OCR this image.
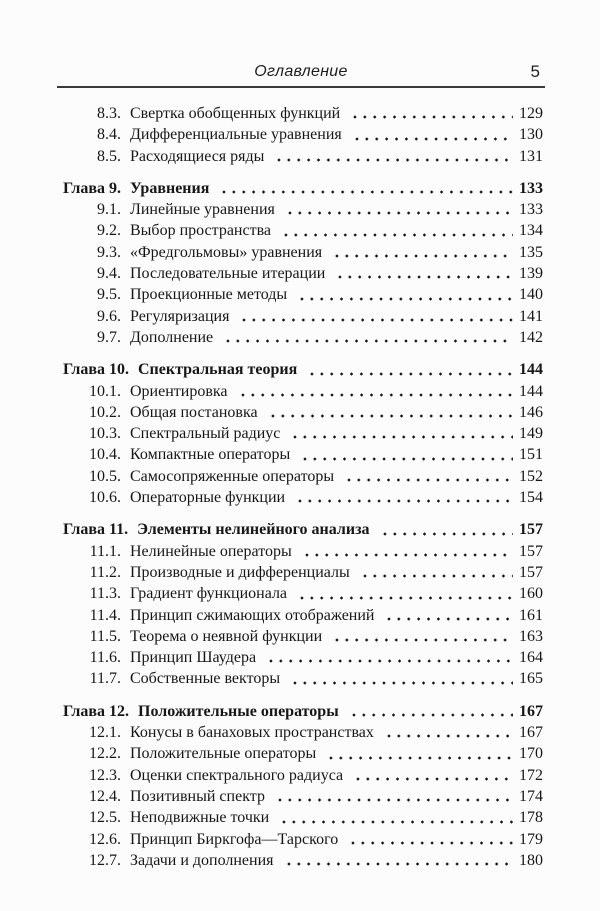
Оглавление	5
8.3. Свертка обобщенных функций	129
8.4. Дифференциальные уравнения	130
8.5. Расходящиеся ряды	131
Глава 9. Уравнения	133
9.1. Линейные уравнения	133
9.2. Выбор пространства	134
9.3. «Фредгольмовы» уравнения	135
9.4. Последовательные итерации	139
9.5. Проекционные методы	140
9.6. Регуляризация	141
9.7. Дополнение	142
Глава 10. Спектральная теория	144
10.1. Ориентировка	144
10.2. Общая постановка	146
10.3. Спектральный радиус	149
10.4. Компактные операторы	151
10.5. Самосопряженные операторы	152
10.6. Операторные функции	154
Глава 11. Элементы нелинейного анализа	157
11.1. Нелинейные операторы	157
11.2. Производные и дифференциалы	157
11.3. Градиент функционала	160
11.4. Принцип сжимающих отображений	161
11.5. Теорема о неявной функции	163
11.6. Принцип Шаудера	164
11.7. Собственные векторы	165
Глава 12. Положительные операторы	167
12.1. Конусы в банаховых пространствах	167
12.2. Положительные операторы	170
12.3. Оценки спектрального радиуса	172
12.4. Позитивный спектр	174
12.5. Неподвижные точки	178
12.6. Принцип Биркгофа—Тарского	179
12.7. Задачи и дополнения	180
